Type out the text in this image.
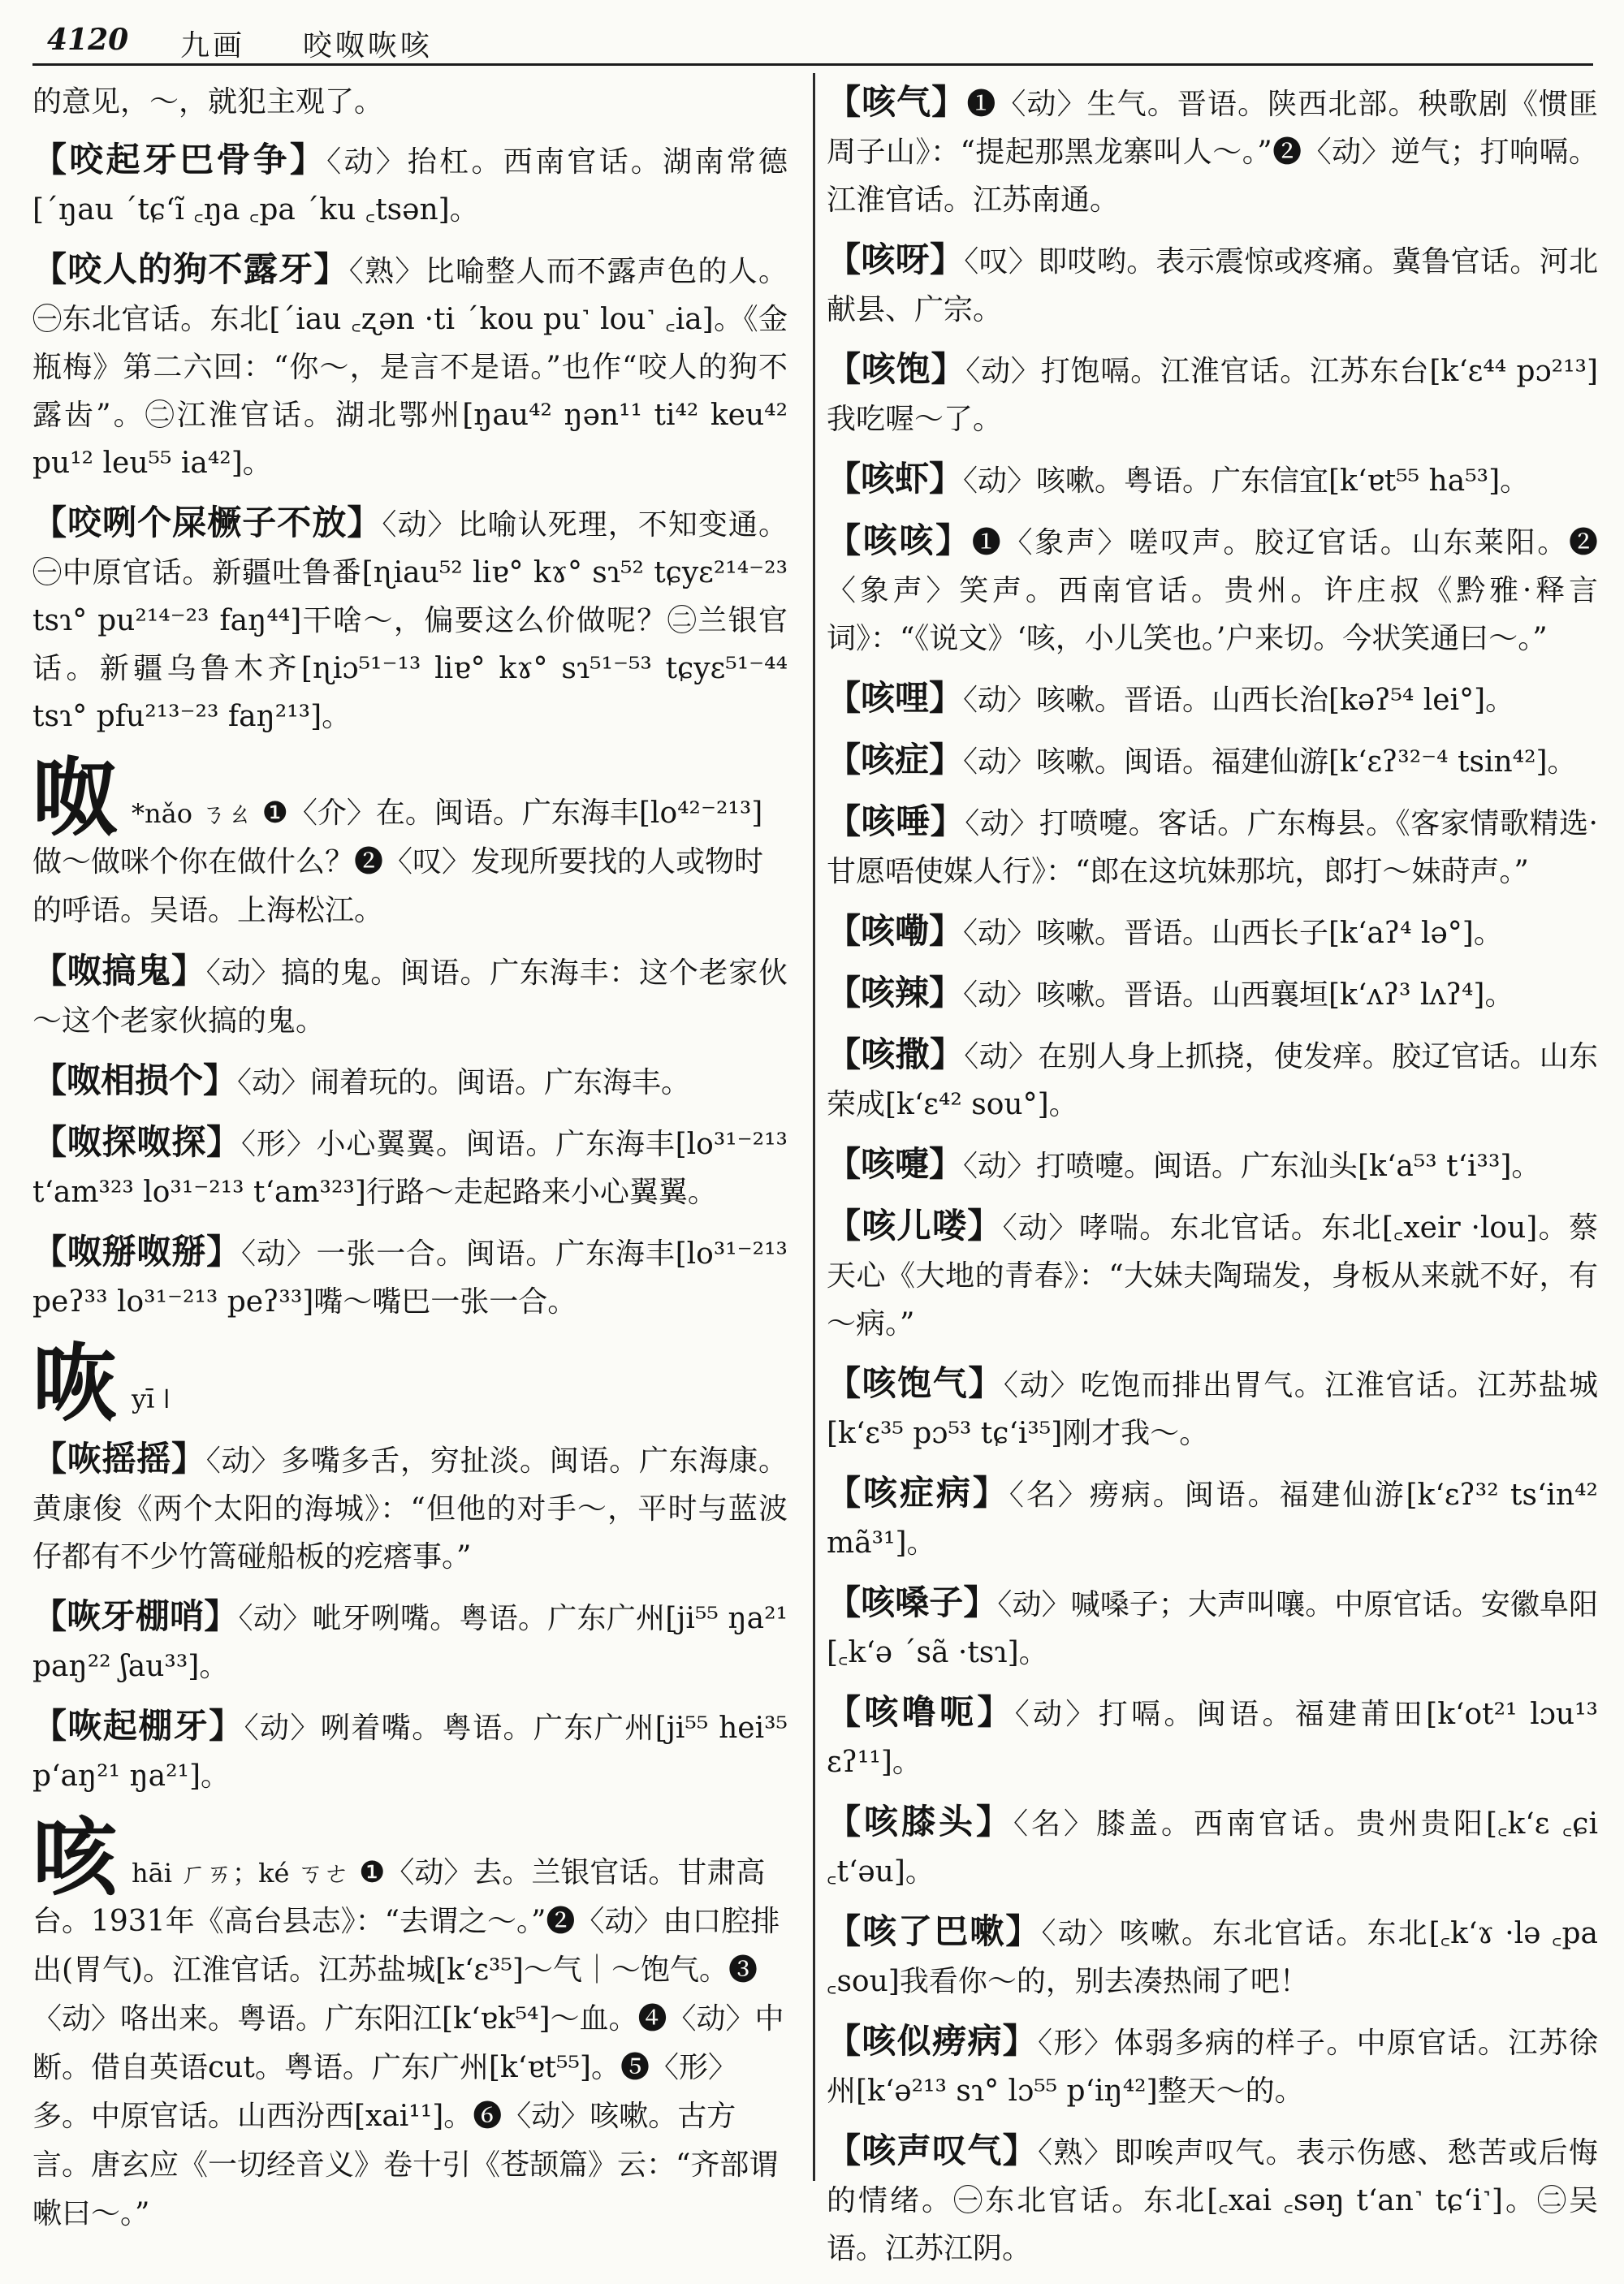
4120 九画 咬呶咴咳
的意见，～，就犯主观了。
【咬起牙巴骨争】〈动〉抬杠。西南官话。湖南常德[ˊŋau ˊtɕʻĩ ꜀ŋa ꜀pa ˊku ꜀tsən]。
【咬人的狗不露牙】〈熟〉比喻整人而不露声色的人。㊀东北官话。东北[ˊiau ꜀ʐən ·ti ˊkou pu˺ lou˺ ꜀ia]。《金瓶梅》第二六回：“你～，是言不是语。”也作“咬人的狗不露齿”。㊁江淮官话。湖北鄂州[ŋau⁴² ŋən¹¹ ti⁴² keu⁴² pu¹² leu⁵⁵ ia⁴²]。
【咬咧个屎橛子不放】〈动〉比喻认死理，不知变通。㊀中原官话。新疆吐鲁番[ɳiau⁵² liɐ° kɤ° sɿ⁵² tɕyɛ²¹⁴⁻²³ tsɿ° pu²¹⁴⁻²³ faŋ⁴⁴]干啥～，偏要这么价做呢？㊁兰银官话。新疆乌鲁木齐[ɳiɔ⁵¹⁻¹³ liɐ° kɤ° sɿ⁵¹⁻⁵³ tɕyɛ⁵¹⁻⁴⁴ tsɿ° pfu²¹³⁻²³ faŋ²¹³]。
呶 *nǎo ㄋㄠ ❶〈介〉在。闽语。广东海丰[lo⁴²⁻²¹³]做～做咪个你在做什么？❷〈叹〉发现所要找的人或物时的呼语。吴语。上海松江。
【呶搞鬼】〈动〉搞的鬼。闽语。广东海丰：这个老家伙～这个老家伙搞的鬼。
【呶相损个】〈动〉闹着玩的。闽语。广东海丰。
【呶探呶探】〈形〉小心翼翼。闽语。广东海丰[lo³¹⁻²¹³ tʻam³²³ lo³¹⁻²¹³ tʻam³²³]行路～走起路来小心翼翼。
【呶掰呶掰】〈动〉一张一合。闽语。广东海丰[lo³¹⁻²¹³ peʔ³³ lo³¹⁻²¹³ peʔ³³]嘴～嘴巴一张一合。
咴yī ǀ
【咴摇摇】〈动〉多嘴多舌，穷扯淡。闽语。广东海康。黄康俊《两个太阳的海城》：“但他的对手～，平时与蓝波仔都有不少竹篙碰船板的疙瘩事。”
【咴牙棚哨】〈动〉呲牙咧嘴。粤语。广东广州[ji⁵⁵ ŋa²¹ paŋ²² ʃau³³]。
【咴起棚牙】〈动〉咧着嘴。粤语。广东广州[ji⁵⁵ hei³⁵ pʻaŋ²¹ ŋa²¹]。
咳hāi ㄏㄞ；ké ㄎㄜ ❶〈动〉去。兰银官话。甘肃高台。1931年《高台县志》：“去谓之～。”❷〈动〉由口腔排出(胃气)。江淮官话。江苏盐城[kʻɛ³⁵]～气｜～饱气。❸〈动〉咯出来。粤语。广东阳江[kʻɐk⁵⁴]～血。❹〈动〉中断。借自英语cut。粤语。广东广州[kʻɐt⁵⁵]。❺〈形〉多。中原官话。山西汾西[xai¹¹]。❻〈动〉咳嗽。古方言。唐玄应《一切经音义》卷十引《苍颉篇》云：“齐部谓嗽曰～。”
【咳气】❶〈动〉生气。晋语。陕西北部。秧歌剧《惯匪周子山》：“提起那黑龙寨叫人～。”❷〈动〉逆气；打响嗝。江淮官话。江苏南通。
【咳呀】〈叹〉即哎哟。表示震惊或疼痛。冀鲁官话。河北献县、广宗。
【咳饱】〈动〉打饱嗝。江淮官话。江苏东台[kʻɛ⁴⁴ pɔ²¹³]我吃喔～了。
【咳虾】〈动〉咳嗽。粤语。广东信宜[kʻɐt⁵⁵ ha⁵³]。
【咳咳】❶〈象声〉嗟叹声。胶辽官话。山东莱阳。❷〈象声〉笑声。西南官话。贵州。许庄叔《黔雅·释言词》：“《说文》‘咳，小儿笑也。’户来切。今状笑通曰～。”
【咳哩】〈动〉咳嗽。晋语。山西长治[kəʔ⁵⁴ lei°]。
【咳症】〈动〉咳嗽。闽语。福建仙游[kʻɛʔ³²⁻⁴ tsin⁴²]。
【咳唾】〈动〉打喷嚏。客话。广东梅县。《客家情歌精选·甘愿唔使媒人行》：“郎在这坑妹那坑，郎打～妹莳声。”
【咳嘞】〈动〉咳嗽。晋语。山西长子[kʻaʔ⁴ lə°]。
【咳辣】〈动〉咳嗽。晋语。山西襄垣[kʻʌʔ³ lʌʔ⁴]。
【咳撒】〈动〉在别人身上抓挠，使发痒。胶辽官话。山东荣成[kʻɛ⁴² sou°]。
【咳嚏】〈动〉打喷嚏。闽语。广东汕头[kʻa⁵³ tʻi³³]。
【咳儿喽】〈动〉哮喘。东北官话。东北[꜀xeir ·lou]。蔡天心《大地的青春》：“大妹夫陶瑞发，身板从来就不好，有～病。”
【咳饱气】〈动〉吃饱而排出胃气。江淮官话。江苏盐城[kʻɛ³⁵ pɔ⁵³ tɕʻi³⁵]刚才我～。
【咳症病】〈名〉痨病。闽语。福建仙游[kʻɛʔ³² tsʻin⁴² mã³¹]。
【咳嗓子】〈动〉喊嗓子；大声叫嚷。中原官话。安徽阜阳[꜀kʻə ˊsã ·tsɿ]。
【咳噜呃】〈动〉打嗝。闽语。福建莆田[kʻot²¹ lɔu¹³ ɛʔ¹¹]。
【咳膝头】〈名〉膝盖。西南官话。贵州贵阳[꜀kʻɛ ꜀ɕi ꜀tʻəu]。
【咳了巴嗽】〈动〉咳嗽。东北官话。东北[꜀kʻɤ ·lə ꜀pa ꜀sou]我看你～的，别去凑热闹了吧！
【咳似痨病】〈形〉体弱多病的样子。中原官话。江苏徐州[kʻə²¹³ sɿ° lɔ⁵⁵ pʻiŋ⁴²]整天～的。
【咳声叹气】〈熟〉即唉声叹气。表示伤感、愁苦或后悔的情绪。㊀东北官话。东北[꜀xai ꜀səŋ tʻan˺ tɕʻi˺]。㊁吴语。江苏江阴。
